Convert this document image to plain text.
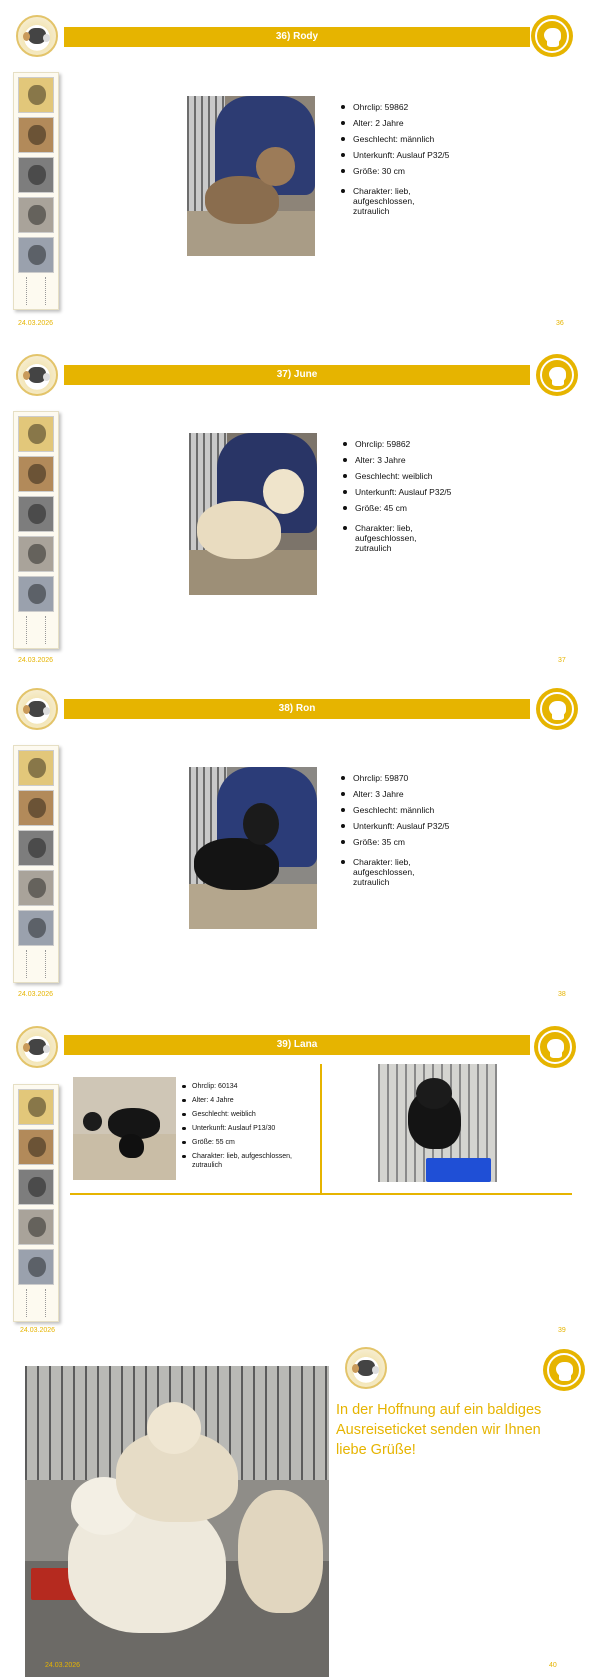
36) Rody
Ohrclip: 59862
Alter: 2 Jahre
Geschlecht: männlich
Unterkunft: Auslauf P32/5
Größe: 30 cm
Charakter: lieb, aufgeschlossen, zutraulich
24.03.2026	36
37) June
Ohrclip: 59862
Alter: 3 Jahre
Geschlecht: weiblich
Unterkunft: Auslauf P32/5
Größe: 45 cm
Charakter: lieb, aufgeschlossen, zutraulich
24.03.2026	37
38) Ron
Ohrclip: 59870
Alter: 3 Jahre
Geschlecht: männlich
Unterkunft: Auslauf P32/5
Größe: 35 cm
Charakter: lieb, aufgeschlossen, zutraulich
24.03.2026	38
39) Lana
Ohrclip: 60134
Alter: 4 Jahre
Geschlecht: weiblich
Unterkunft: Auslauf P13/30
Größe: 55 cm
Charakter: lieb, aufgeschlossen, zutraulich
24.03.2026	39
24.03.2026	40
In der Hoffnung auf ein baldiges Ausreiseticket senden wir Ihnen liebe Grüße!
